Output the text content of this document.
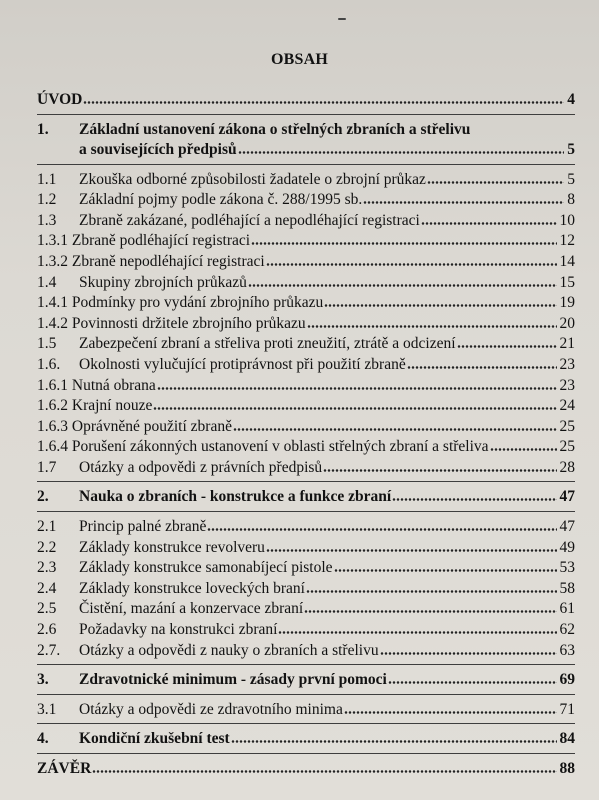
OBSAH
ÚVOD	4
1. Základní ustanovení zákona o střelných zbraních a střelivu
a souvisejících předpisů	5
1.1 Zkouška odborné způsobilosti žadatele o zbrojní průkaz	5
1.2 Základní pojmy podle zákona č. 288/1995 sb.	8
1.3 Zbraně zakázané, podléhající a nepodléhající registraci	10
1.3.1 Zbraně podléhající registraci	12
1.3.2 Zbraně nepodléhající registraci	14
1.4 Skupiny zbrojních průkazů	15
1.4.1 Podmínky pro vydání zbrojního průkazu	19
1.4.2 Povinnosti držitele zbrojního průkazu	20
1.5 Zabezpečení zbraní a střeliva proti zneužití, ztrátě a odcizení	21
1.6. Okolnosti vylučující protiprávnost při použití zbraně	23
1.6.1 Nutná obrana	23
1.6.2 Krajní nouze	24
1.6.3 Oprávněné použití zbraně	25
1.6.4 Porušení zákonných ustanovení v oblasti střelných zbraní a střeliva	25
1.7 Otázky a odpovědi z právních předpisů	28
2. Nauka o zbraních - konstrukce a funkce zbraní	47
2.1 Princip palné zbraně	47
2.2 Základy konstrukce revolveru	49
2.3 Základy konstrukce samonabíjecí pistole	53
2.4 Základy konstrukce loveckých braní	58
2.5 Čistění, mazání a konzervace zbraní	61
2.6 Požadavky na konstrukci zbraní	62
2.7. Otázky a odpovědi z nauky o zbraních a střelivu	63
3. Zdravotnické minimum - zásady první pomoci	69
3.1 Otázky a odpovědi ze zdravotního minima	71
4. Kondiční zkušební test	84
ZÁVĚR	88
